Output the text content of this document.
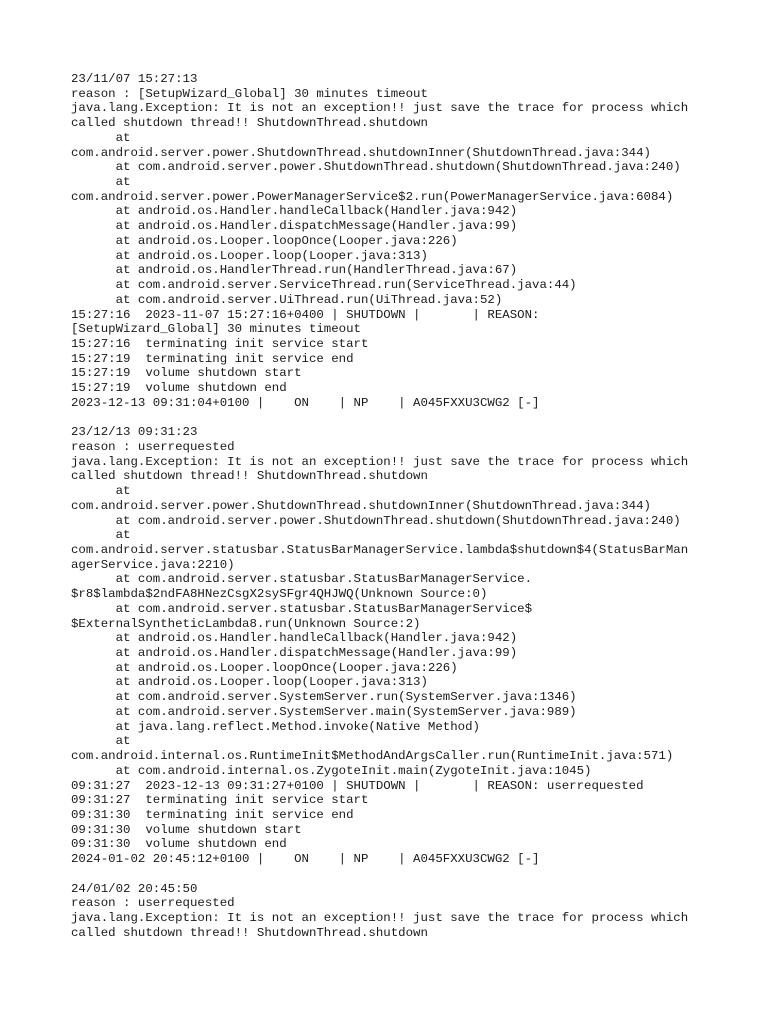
23/11/07 15:27:13
reason : [SetupWizard_Global] 30 minutes timeout
java.lang.Exception: It is not an exception!! just save the trace for process which
called shutdown thread!! ShutdownThread.shutdown
at
com.android.server.power.ShutdownThread.shutdownInner(ShutdownThread.java:344)
at com.android.server.power.ShutdownThread.shutdown(ShutdownThread.java:240)
at
com.android.server.power.PowerManagerService$2.run(PowerManagerService.java:6084)
at android.os.Handler.handleCallback(Handler.java:942)
at android.os.Handler.dispatchMessage(Handler.java:99)
at android.os.Looper.loopOnce(Looper.java:226)
at android.os.Looper.loop(Looper.java:313)
at android.os.HandlerThread.run(HandlerThread.java:67)
at com.android.server.ServiceThread.run(ServiceThread.java:44)
at com.android.server.UiThread.run(UiThread.java:52)
15:27:16  2023-11-07 15:27:16+0400 | SHUTDOWN |       | REASON:
[SetupWizard_Global] 30 minutes timeout
15:27:16  terminating init service start
15:27:19  terminating init service end
15:27:19  volume shutdown start
15:27:19  volume shutdown end
2023-12-13 09:31:04+0100 |    ON    | NP    | A045FXXU3CWG2 [-]
23/12/13 09:31:23
reason : userrequested
java.lang.Exception: It is not an exception!! just save the trace for process which
called shutdown thread!! ShutdownThread.shutdown
at
com.android.server.power.ShutdownThread.shutdownInner(ShutdownThread.java:344)
at com.android.server.power.ShutdownThread.shutdown(ShutdownThread.java:240)
at
com.android.server.statusbar.StatusBarManagerService.lambda$shutdown$4(StatusBarMan
agerService.java:2210)
at com.android.server.statusbar.StatusBarManagerService.
$r8$lambda$2ndFA8HNezCsgX2sySFgr4QHJWQ(Unknown Source:0)
at com.android.server.statusbar.StatusBarManagerService$
$ExternalSyntheticLambda8.run(Unknown Source:2)
at android.os.Handler.handleCallback(Handler.java:942)
at android.os.Handler.dispatchMessage(Handler.java:99)
at android.os.Looper.loopOnce(Looper.java:226)
at android.os.Looper.loop(Looper.java:313)
at com.android.server.SystemServer.run(SystemServer.java:1346)
at com.android.server.SystemServer.main(SystemServer.java:989)
at java.lang.reflect.Method.invoke(Native Method)
at
com.android.internal.os.RuntimeInit$MethodAndArgsCaller.run(RuntimeInit.java:571)
at com.android.internal.os.ZygoteInit.main(ZygoteInit.java:1045)
09:31:27  2023-12-13 09:31:27+0100 | SHUTDOWN |       | REASON: userrequested
09:31:27  terminating init service start
09:31:30  terminating init service end
09:31:30  volume shutdown start
09:31:30  volume shutdown end
2024-01-02 20:45:12+0100 |    ON    | NP    | A045FXXU3CWG2 [-]
24/01/02 20:45:50
reason : userrequested
java.lang.Exception: It is not an exception!! just save the trace for process which
called shutdown thread!! ShutdownThread.shutdown
